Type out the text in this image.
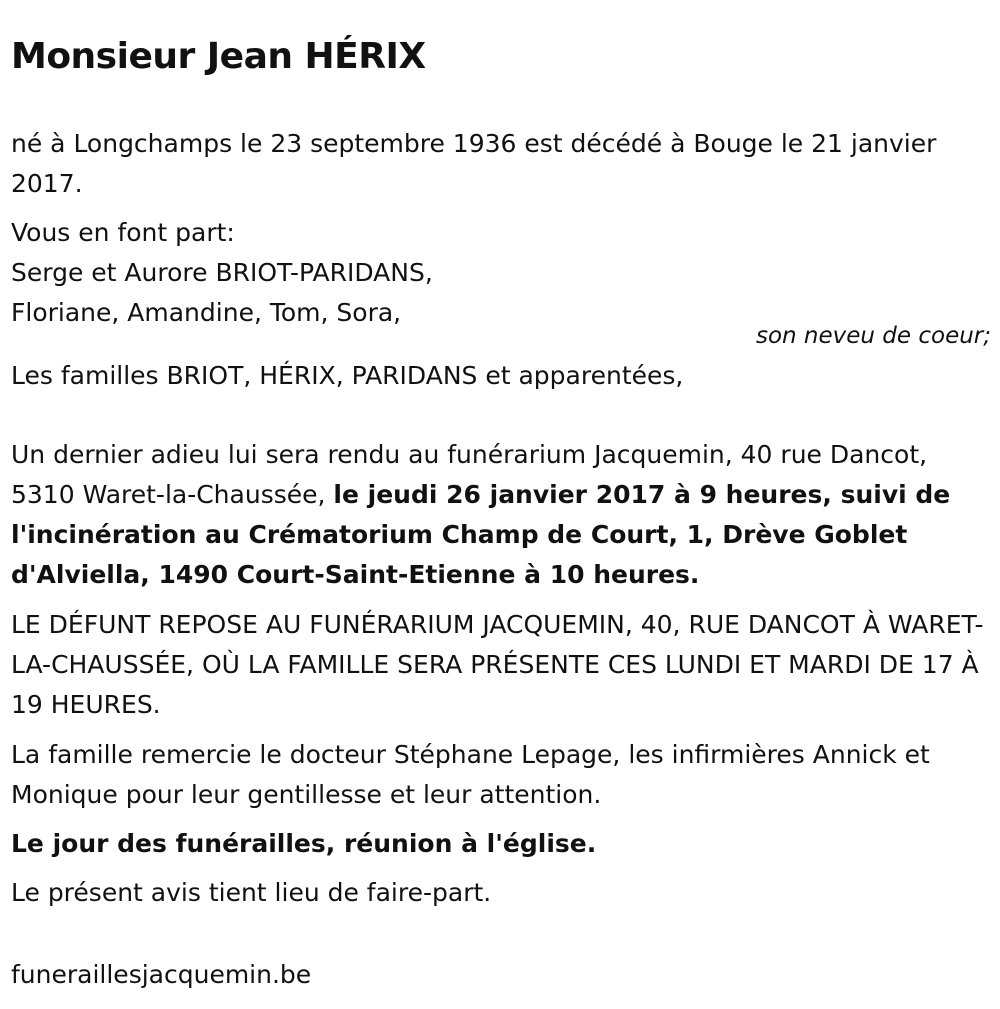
Monsieur Jean HÉRIX

né à Longchamps le 23 septembre 1936 est décédé à Bouge le 21 janvier 2017.

Vous en font part:
Serge et Aurore BRIOT-PARIDANS,
Floriane, Amandine, Tom, Sora,
son neveu de coeur;

Les familles BRIOT, HÉRIX, PARIDANS et apparentées,

Un dernier adieu lui sera rendu au funérarium Jacquemin, 40 rue Dancot, 5310 Waret-la-Chaussée, le jeudi 26 janvier 2017 à 9 heures, suivi de l'incinération au Crématorium Champ de Court, 1, Drève Goblet d'Alviella, 1490 Court-Saint-Etienne à 10 heures.

LE DÉFUNT REPOSE AU FUNÉRARIUM JACQUEMIN, 40, RUE DANCOT À WARET-LA-CHAUSSÉE, OÙ LA FAMILLE SERA PRÉSENTE CES LUNDI ET MARDI DE 17 À 19 HEURES.

La famille remercie le docteur Stéphane Lepage, les infirmières Annick et Monique pour leur gentillesse et leur attention.

Le jour des funérailles, réunion à l'église.

Le présent avis tient lieu de faire-part.

funeraillesjacquemin.be
